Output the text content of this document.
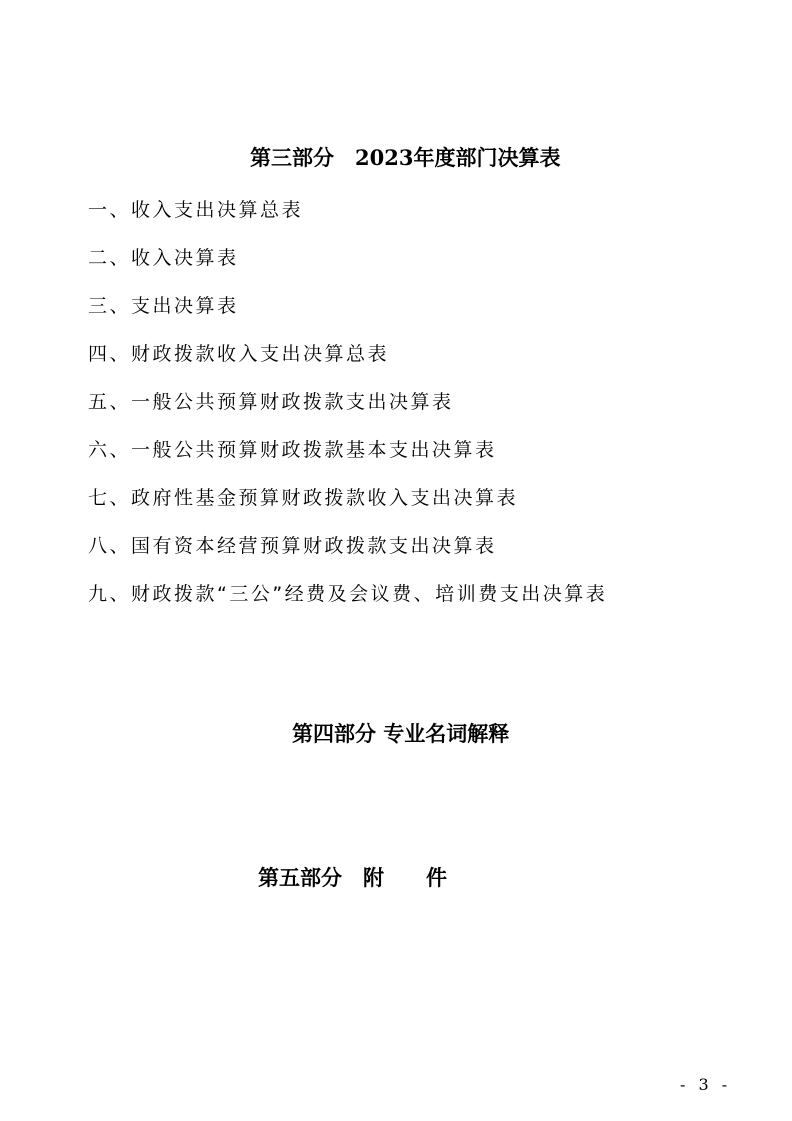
第三部分　2023年度部门决算表
一、收入支出决算总表
二、收入决算表
三、支出决算表
四、财政拨款收入支出决算总表
五、一般公共预算财政拨款支出决算表
六、一般公共预算财政拨款基本支出决算表
七、政府性基金预算财政拨款收入支出决算表
八、国有资本经营预算财政拨款支出决算表
九、财政拨款“三公”经费及会议费、培训费支出决算表
第四部分 专业名词解释
第五部分　附　　件
- 3 -
